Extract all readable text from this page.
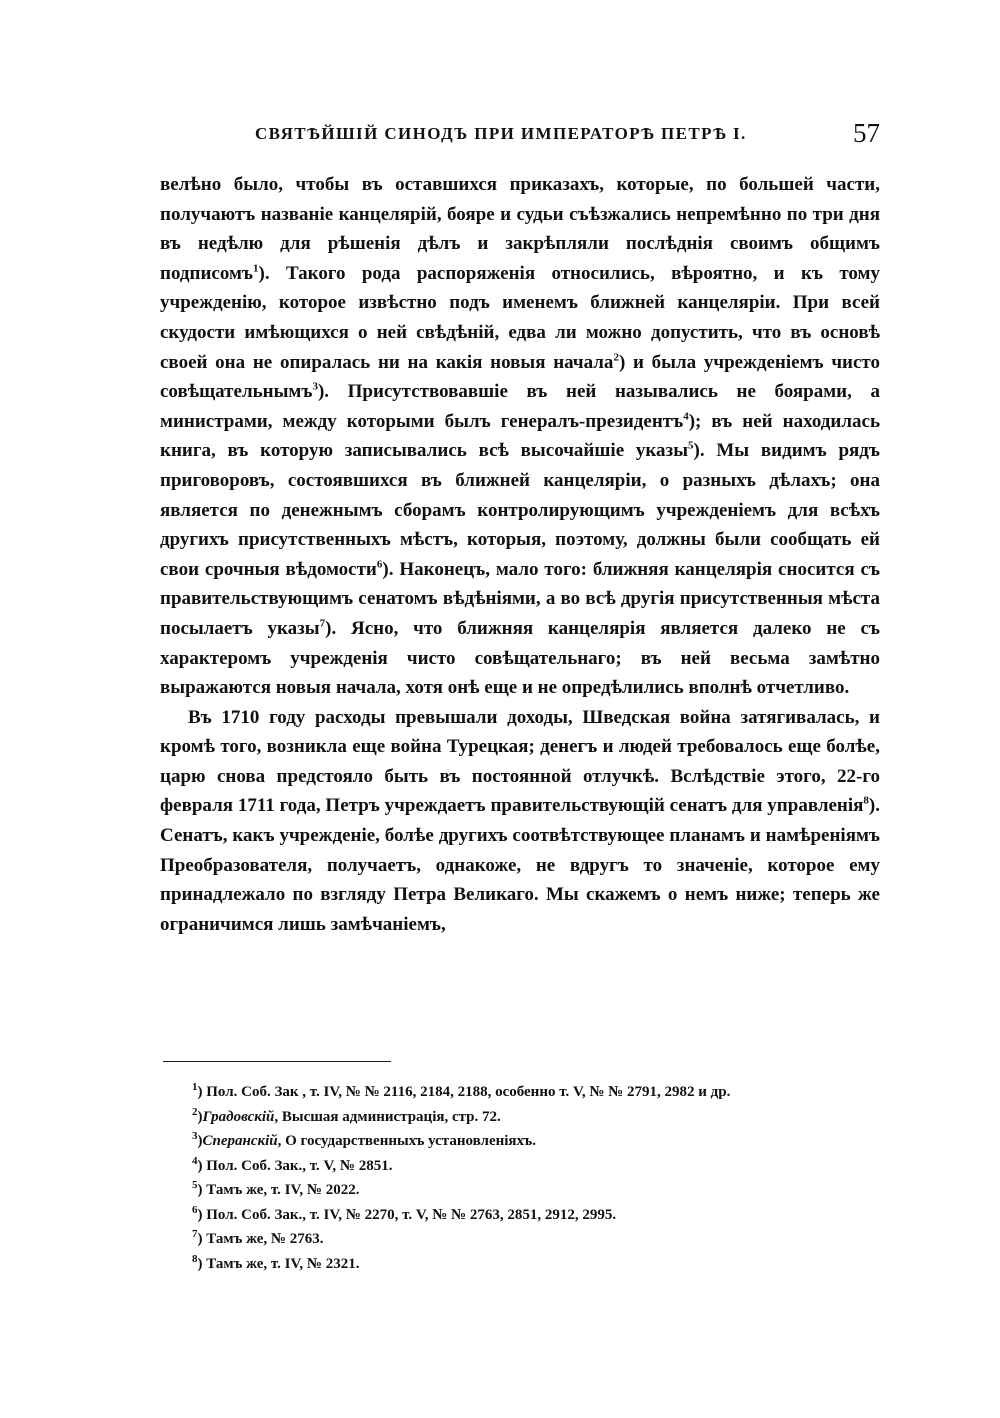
СВЯТѢЙШІЙ СИНОДЪ ПРИ ИМПЕРАТОРѢ ПЕТРѢ I.	57

велѣно было, чтобы въ оставшихся приказахъ, которые, по большей части, получаютъ названіе канцелярій, бояре и судьи съѣзжались непремѣнно по три дня въ недѣлю для рѣшенія дѣлъ и закрѣпляли послѣднія своимъ общимъ подписомъ$^1$). Такого рода распоряженія относились, вѣроятно, и къ тому учрежденію, которое извѣстно подъ именемъ ближней канцеляріи. При всей скудости имѣющихся о ней свѣдѣній, едва ли можно допустить, что въ основѣ своей она не опиралась ни на какія новыя начала$^2$) и была учрежденіемъ чисто совѣщательнымъ$^3$). Присутствовавшіе въ ней назывались не боярами, а министрами, между которыми былъ генералъ-президентъ$^4$); въ ней находилась книга, въ которую записывались всѣ высочайшіе указы$^5$). Мы видимъ рядъ приговоровъ, состоявшихся въ ближней канцеляріи, о разныхъ дѣлахъ; она является по денежнымъ сборамъ контролирующимъ учрежденіемъ для всѣхъ другихъ присутственныхъ мѣстъ, которыя, поэтому, должны были сообщать ей свои срочныя вѣдомости$^6$). Наконецъ, мало того: ближняя канцелярія сносится съ правительствующимъ сенатомъ вѣдѣніями, а во всѣ другія присутственныя мѣста посылаетъ указы$^7$). Ясно, что ближняя канцелярія является далеко не съ характеромъ учрежденія чисто совѣщательнаго; въ ней весьма замѣтно выражаются новыя начала, хотя онѣ еще и не опредѣлились вполнѣ отчетливо.

Въ 1710 году расходы превышали доходы, Шведская война затягивалась, и кромѣ того, возникла еще война Турецкая; денегъ и людей требовалось еще болѣе, царю снова предстояло быть въ постоянной отлучкѣ. Вслѣдствіе этого, 22-го февраля 1711 года, Петръ учреждаетъ правительствующій сенатъ для управленія$^8$). Сенатъ, какъ учрежденіе, болѣе другихъ соотвѣтствующее планамъ и намѣреніямъ Преобразователя, получаетъ, однакоже, не вдругъ то значеніе, которое ему принадлежало по взгляду Петра Великаго. Мы скажемъ о немъ ниже; теперь же ограничимся лишь замѣчаніемъ,

$^1$) Пол. Соб. Зак , т. IV, № № 2116, 2184, 2188, особенно т. V, № № 2791, 2982 и др.

$^2$)Градовскій, Высшая администрація, стр. 72.

$^3$)Сперанскій, О государственныхъ установленіяхъ.

$^4$) Пол. Соб. Зак., т. V, № 2851.

$^5$) Тамъ же, т. IV, № 2022.

$^6$) Пол. Соб. Зак., т. IV, № 2270, т. V, № № 2763, 2851, 2912, 2995.

$^7$) Тамъ же, № 2763.

$^8$) Тамъ же, т. IV, № 2321.
